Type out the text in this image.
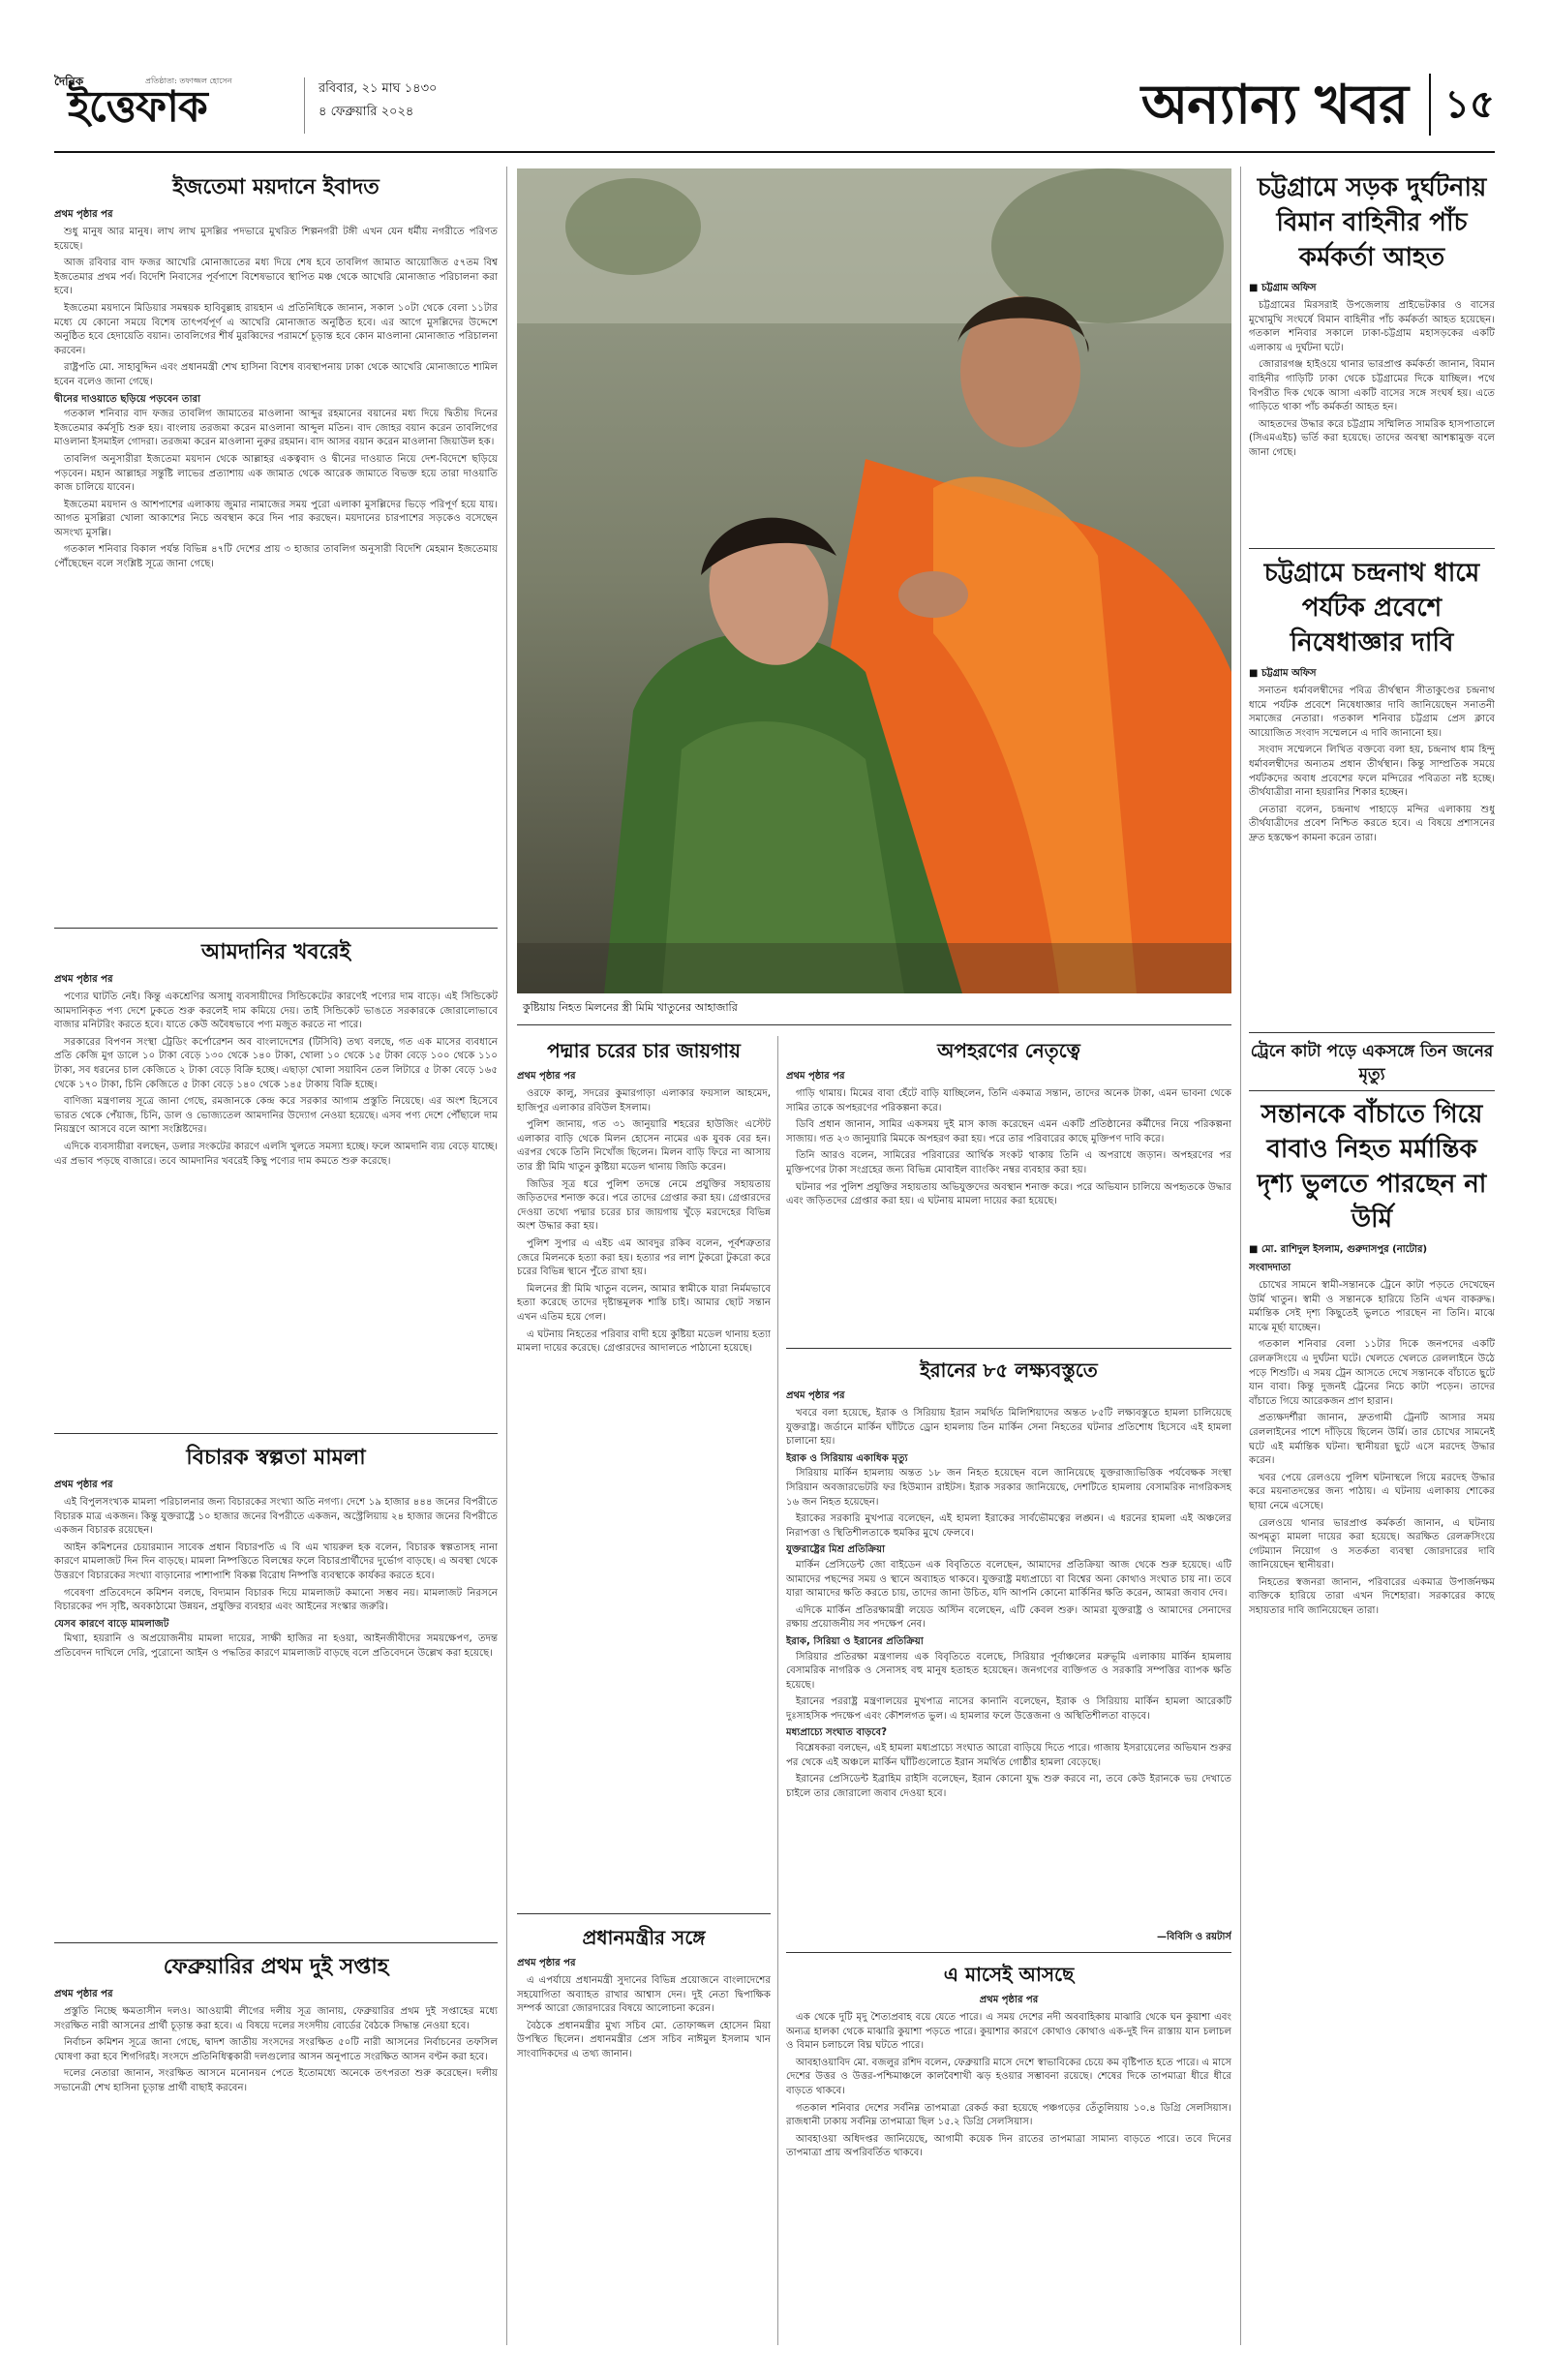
দৈনিক	প্রতিষ্ঠাতা: তফাজ্জল হোসেন
ইত্তেফাক	রবিবার, ২১ মাঘ ১৪৩০
৪ ফেব্রুয়ারি ২০২৪	অন্যান্য খবর ১৫
ইজতেমা ময়দানে ইবাদত
প্রথম পৃষ্ঠার পর

শুধু মানুষ আর মানুষ। লাখ লাখ মুসল্লির পদভারে মুখরিত শিল্পনগরী টঙ্গী এখন যেন ধর্মীয় নগরীতে পরিণত হয়েছে।

আজ রবিবার বাদ ফজর আখেরি মোনাজাতের মধ্য দিয়ে শেষ হবে তাবলিগ জামাত আয়োজিত ৫৭তম বিশ্ব ইজতেমার প্রথম পর্ব। বিদেশি নিবাসের পূর্বপাশে বিশেষভাবে স্থাপিত মঞ্চ থেকে আখেরি মোনাজাত পরিচালনা করা হবে।

ইজতেমা ময়দানে মিডিয়ার সমন্বয়ক হাবিবুল্লাহ রায়হান এ প্রতিনিধিকে জানান, সকাল ১০টা থেকে বেলা ১১টার মধ্যে যে কোনো সময়ে বিশেষ তাৎপর্যপূর্ণ এ আখেরি মোনাজাত অনুষ্ঠিত হবে। এর আগে মুসল্লিদের উদ্দেশে অনুষ্ঠিত হবে হেদায়েতি বয়ান। তাবলিগের শীর্ষ মুরব্বিদের পরামর্শে চূড়ান্ত হবে কোন মাওলানা মোনাজাত পরিচালনা করবেন।

রাষ্ট্রপতি মো. সাহাবুদ্দিন এবং প্রধানমন্ত্রী শেখ হাসিনা বিশেষ ব্যবস্থাপনায় ঢাকা থেকে আখেরি মোনাজাতে শামিল হবেন বলেও জানা গেছে।

দ্বীনের দাওয়াতে ছড়িয়ে পড়বেন তারা

গতকাল শনিবার বাদ ফজর তাবলিগ জামাতের মাওলানা আব্দুর রহমানের বয়ানের মধ্য দিয়ে দ্বিতীয় দিনের ইজতেমার কর্মসূচি শুরু হয়। বাংলায় তরজমা করেন মাওলানা আব্দুল মতিন। বাদ জোহর বয়ান করেন তাবলিগের মাওলানা ইসমাইল গোদরা। তরজমা করেন মাওলানা নুরুর রহমান। বাদ আসর বয়ান করেন মাওলানা জিয়াউল হক।

তাবলিগ অনুসারীরা ইজতেমা ময়দান থেকে আল্লাহর একত্ববাদ ও দ্বীনের দাওয়াত নিয়ে দেশ-বিদেশে ছড়িয়ে পড়বেন। মহান আল্লাহর সন্তুষ্টি লাভের প্রত্যাশায় এক জামাত থেকে আরেক জামাতে বিভক্ত হয়ে তারা দাওয়াতি কাজ চালিয়ে যাবেন।

ইজতেমা ময়দান ও আশপাশের এলাকায় জুমার নামাজের সময় পুরো এলাকা মুসল্লিদের ভিড়ে পরিপূর্ণ হয়ে যায়। আগত মুসল্লিরা খোলা আকাশের নিচে অবস্থান করে দিন পার করছেন। ময়দানের চারপাশের সড়কেও বসেছেন অসংখ্য মুসল্লি।

গতকাল শনিবার বিকাল পর্যন্ত বিভিন্ন ৪৭টি দেশের প্রায় ৩ হাজার তাবলিগ অনুসারী বিদেশি মেহমান ইজতেমায় পৌঁছেছেন বলে সংশ্লিষ্ট সূত্রে জানা গেছে।

আমদানির খবরেই
প্রথম পৃষ্ঠার পর

পণ্যের ঘাটতি নেই। কিন্তু একশ্রেণির অসাধু ব্যবসায়ীদের সিন্ডিকেটের কারণেই পণ্যের দাম বাড়ে। এই সিন্ডিকেট আমদানিকৃত পণ্য দেশে ঢুকতে শুরু করলেই দাম কমিয়ে দেয়। তাই সিন্ডিকেট ভাঙতে সরকারকে জোরালোভাবে বাজার মনিটরিং করতে হবে। যাতে কেউ অবৈধভাবে পণ্য মজুত করতে না পারে।

সরকারের বিপণন সংস্থা ট্রেডিং কর্পোরেশন অব বাংলাদেশের (টিসিবি) তথ্য বলছে, গত এক মাসের ব্যবধানে প্রতি কেজি মুগ ডালে ১০ টাকা বেড়ে ১৩০ থেকে ১৪০ টাকা, খোলা ১০ থেকে ১৫ টাকা বেড়ে ১০০ থেকে ১১০ টাকা, সব ধরনের চাল কেজিতে ২ টাকা বেড়ে বিক্রি হচ্ছে। এছাড়া খোলা সয়াবিন তেল লিটারে ৫ টাকা বেড়ে ১৬৫ থেকে ১৭০ টাকা, চিনি কেজিতে ৫ টাকা বেড়ে ১৪০ থেকে ১৪৫ টাকায় বিক্রি হচ্ছে।

বাণিজ্য মন্ত্রণালয় সূত্রে জানা গেছে, রমজানকে কেন্দ্র করে সরকার আগাম প্রস্তুতি নিয়েছে। এর অংশ হিসেবে ভারত থেকে পেঁয়াজ, চিনি, ডাল ও ভোজ্যতেল আমদানির উদ্যোগ নেওয়া হয়েছে। এসব পণ্য দেশে পৌঁছালে দাম নিয়ন্ত্রণে আসবে বলে আশা সংশ্লিষ্টদের।

এদিকে ব্যবসায়ীরা বলছেন, ডলার সংকটের কারণে এলসি খুলতে সমস্যা হচ্ছে। ফলে আমদানি ব্যয় বেড়ে যাচ্ছে। এর প্রভাব পড়ছে বাজারে। তবে আমদানির খবরেই কিছু পণ্যের দাম কমতে শুরু করেছে।

বিচারক স্বল্পতা মামলা
প্রথম পৃষ্ঠার পর

এই বিপুলসংখ্যক মামলা পরিচালনার জন্য বিচারকের সংখ্যা অতি নগণ্য। দেশে ১৯ হাজার ৪৪৪ জনের বিপরীতে বিচারক মাত্র একজন। কিন্তু যুক্তরাষ্ট্রে ১০ হাজার জনের বিপরীতে একজন, অস্ট্রেলিয়ায় ২৪ হাজার জনের বিপরীতে একজন বিচারক রয়েছেন।

আইন কমিশনের চেয়ারম্যান সাবেক প্রধান বিচারপতি এ বি এম খায়রুল হক বলেন, বিচারক স্বল্পতাসহ নানা কারণে মামলাজট দিন দিন বাড়ছে। মামলা নিষ্পত্তিতে বিলম্বের ফলে বিচারপ্রার্থীদের দুর্ভোগ বাড়ছে। এ অবস্থা থেকে উত্তরণে বিচারকের সংখ্যা বাড়ানোর পাশাপাশি বিকল্প বিরোধ নিষ্পত্তি ব্যবস্থাকে কার্যকর করতে হবে।

গবেষণা প্রতিবেদনে কমিশন বলছে, বিদ্যমান বিচারক দিয়ে মামলাজট কমানো সম্ভব নয়। মামলাজট নিরসনে বিচারকের পদ সৃষ্টি, অবকাঠামো উন্নয়ন, প্রযুক্তির ব্যবহার এবং আইনের সংস্কার জরুরি।

যেসব কারণে বাড়ে মামলাজট

মিথ্যা, হয়রানি ও অপ্রয়োজনীয় মামলা দায়ের, সাক্ষী হাজির না হওয়া, আইনজীবীদের সময়ক্ষেপণ, তদন্ত প্রতিবেদন দাখিলে দেরি, পুরোনো আইন ও পদ্ধতির কারণে মামলাজট বাড়ছে বলে প্রতিবেদনে উল্লেখ করা হয়েছে।

ফেব্রুয়ারির প্রথম দুই সপ্তাহ
প্রথম পৃষ্ঠার পর

প্রস্তুতি নিচ্ছে ক্ষমতাসীন দলও। আওয়ামী লীগের দলীয় সূত্র জানায়, ফেব্রুয়ারির প্রথম দুই সপ্তাহের মধ্যে সংরক্ষিত নারী আসনের প্রার্থী চূড়ান্ত করা হবে। এ বিষয়ে দলের সংসদীয় বোর্ডের বৈঠকে সিদ্ধান্ত নেওয়া হবে।

নির্বাচন কমিশন সূত্রে জানা গেছে, দ্বাদশ জাতীয় সংসদের সংরক্ষিত ৫০টি নারী আসনের নির্বাচনের তফসিল ঘোষণা করা হবে শিগগিরই। সংসদে প্রতিনিধিত্বকারী দলগুলোর আসন অনুপাতে সংরক্ষিত আসন বণ্টন করা হবে।

দলের নেতারা জানান, সংরক্ষিত আসনে মনোনয়ন পেতে ইতোমধ্যে অনেকে তৎপরতা শুরু করেছেন। দলীয় সভানেত্রী শেখ হাসিনা চূড়ান্ত প্রার্থী বাছাই করবেন।

কুষ্টিয়ায় নিহত মিলনের স্ত্রী মিমি খাতুনের আহাজারি
পদ্মার চরের চার জায়গায়
প্রথম পৃষ্ঠার পর

ওরফে কালু, সদরের কুমারগাড়া এলাকার ফয়সাল আহমেদ, হাজিপুর এলাকার রবিউল ইসলাম।

পুলিশ জানায়, গত ৩১ জানুয়ারি শহরের হাউজিং এস্টেট এলাকার বাড়ি থেকে মিলন হোসেন নামের এক যুবক বের হন। এরপর থেকে তিনি নিখোঁজ ছিলেন। মিলন বাড়ি ফিরে না আসায় তার স্ত্রী মিমি খাতুন কুষ্টিয়া মডেল থানায় জিডি করেন।

জিডির সূত্র ধরে পুলিশ তদন্তে নেমে প্রযুক্তির সহায়তায় জড়িতদের শনাক্ত করে। পরে তাদের গ্রেপ্তার করা হয়। গ্রেপ্তারদের দেওয়া তথ্যে পদ্মার চরের চার জায়গায় খুঁড়ে মরদেহের বিভিন্ন অংশ উদ্ধার করা হয়।

পুলিশ সুপার এ এইচ এম আবদুর রকিব বলেন, পূর্বশত্রুতার জেরে মিলনকে হত্যা করা হয়। হত্যার পর লাশ টুকরো টুকরো করে চরের বিভিন্ন স্থানে পুঁতে রাখা হয়।

মিলনের স্ত্রী মিমি খাতুন বলেন, আমার স্বামীকে যারা নির্মমভাবে হত্যা করেছে তাদের দৃষ্টান্তমূলক শাস্তি চাই। আমার ছোট সন্তান এখন এতিম হয়ে গেল।

এ ঘটনায় নিহতের পরিবার বাদী হয়ে কুষ্টিয়া মডেল থানায় হত্যা মামলা দায়ের করেছে। গ্রেপ্তারদের আদালতে পাঠানো হয়েছে।

প্রধানমন্ত্রীর সঙ্গে
প্রথম পৃষ্ঠার পর

এ এপর্যায়ে প্রধানমন্ত্রী সুদানের বিভিন্ন প্রয়োজনে বাংলাদেশের সহযোগিতা অব্যাহত রাখার আশ্বাস দেন। দুই নেতা দ্বিপাক্ষিক সম্পর্ক আরো জোরদারের বিষয়ে আলোচনা করেন।

বৈঠকে প্রধানমন্ত্রীর মুখ্য সচিব মো. তোফাজ্জল হোসেন মিয়া উপস্থিত ছিলেন। প্রধানমন্ত্রীর প্রেস সচিব নাঈমুল ইসলাম খান সাংবাদিকদের এ তথ্য জানান।

অপহরণের নেতৃত্বে
প্রথম পৃষ্ঠার পর

গাড়ি থামায়। মিমের বাবা হেঁটে বাড়ি যাচ্ছিলেন, তিনি একমাত্র সন্তান, তাদের অনেক টাকা, এমন ভাবনা থেকে সামির তাকে অপহরণের পরিকল্পনা করে।

ডিবি প্রধান জানান, সামির একসময় দুই মাস কাজ করেছেন এমন একটি প্রতিষ্ঠানের কর্মীদের নিয়ে পরিকল্পনা সাজায়। গত ২৩ জানুয়ারি মিমকে অপহরণ করা হয়। পরে তার পরিবারের কাছে মুক্তিপণ দাবি করে।

তিনি আরও বলেন, সামিরের পরিবারের আর্থিক সংকট থাকায় তিনি এ অপরাধে জড়ান। অপহরণের পর মুক্তিপণের টাকা সংগ্রহের জন্য বিভিন্ন মোবাইল ব্যাংকিং নম্বর ব্যবহার করা হয়।

ঘটনার পর পুলিশ প্রযুক্তির সহায়তায় অভিযুক্তদের অবস্থান শনাক্ত করে। পরে অভিযান চালিয়ে অপহৃতকে উদ্ধার এবং জড়িতদের গ্রেপ্তার করা হয়। এ ঘটনায় মামলা দায়ের করা হয়েছে।

ইরানের ৮৫ লক্ষ্যবস্তুতে
প্রথম পৃষ্ঠার পর

খবরে বলা হয়েছে, ইরাক ও সিরিয়ায় ইরান সমর্থিত মিলিশিয়াদের অন্তত ৮৫টি লক্ষ্যবস্তুতে হামলা চালিয়েছে যুক্তরাষ্ট্র। জর্ডানে মার্কিন ঘাঁটিতে ড্রোন হামলায় তিন মার্কিন সেনা নিহতের ঘটনার প্রতিশোধ হিসেবে এই হামলা চালানো হয়।

ইরাক ও সিরিয়ায় একাধিক মৃত্যু

সিরিয়ায় মার্কিন হামলায় অন্তত ১৮ জন নিহত হয়েছেন বলে জানিয়েছে যুক্তরাজ্যভিত্তিক পর্যবেক্ষক সংস্থা সিরিয়ান অবজারভেটরি ফর হিউম্যান রাইটস। ইরাক সরকার জানিয়েছে, দেশটিতে হামলায় বেসামরিক নাগরিকসহ ১৬ জন নিহত হয়েছেন।

ইরাকের সরকারি মুখপাত্র বলেছেন, এই হামলা ইরাকের সার্বভৌমত্বের লঙ্ঘন। এ ধরনের হামলা এই অঞ্চলের নিরাপত্তা ও স্থিতিশীলতাকে হুমকির মুখে ফেলবে।

যুক্তরাষ্ট্রের মিশ্র প্রতিক্রিয়া

মার্কিন প্রেসিডেন্ট জো বাইডেন এক বিবৃতিতে বলেছেন, আমাদের প্রতিক্রিয়া আজ থেকে শুরু হয়েছে। এটি আমাদের পছন্দের সময় ও স্থানে অব্যাহত থাকবে। যুক্তরাষ্ট্র মধ্যপ্রাচ্যে বা বিশ্বের অন্য কোথাও সংঘাত চায় না। তবে যারা আমাদের ক্ষতি করতে চায়, তাদের জানা উচিত, যদি আপনি কোনো মার্কিনির ক্ষতি করেন, আমরা জবাব দেব।

এদিকে মার্কিন প্রতিরক্ষামন্ত্রী লয়েড অস্টিন বলেছেন, এটি কেবল শুরু। আমরা যুক্তরাষ্ট্র ও আমাদের সেনাদের রক্ষায় প্রয়োজনীয় সব পদক্ষেপ নেব।

ইরাক, সিরিয়া ও ইরানের প্রতিক্রিয়া

সিরিয়ার প্রতিরক্ষা মন্ত্রণালয় এক বিবৃতিতে বলেছে, সিরিয়ার পূর্বাঞ্চলের মরুভূমি এলাকায় মার্কিন হামলায় বেসামরিক নাগরিক ও সেনাসহ বহু মানুষ হতাহত হয়েছেন। জনগণের ব্যক্তিগত ও সরকারি সম্পত্তির ব্যাপক ক্ষতি হয়েছে।

ইরানের পররাষ্ট্র মন্ত্রণালয়ের মুখপাত্র নাসের কানানি বলেছেন, ইরাক ও সিরিয়ায় মার্কিন হামলা আরেকটি দুঃসাহসিক পদক্ষেপ এবং কৌশলগত ভুল। এ হামলার ফলে উত্তেজনা ও অস্থিতিশীলতা বাড়বে।

মধ্যপ্রাচ্যে সংঘাত বাড়বে?

বিশ্লেষকরা বলছেন, এই হামলা মধ্যপ্রাচ্যে সংঘাত আরো বাড়িয়ে দিতে পারে। গাজায় ইসরায়েলের অভিযান শুরুর পর থেকে এই অঞ্চলে মার্কিন ঘাঁটিগুলোতে ইরান সমর্থিত গোষ্ঠীর হামলা বেড়েছে।

ইরানের প্রেসিডেন্ট ইব্রাহিম রাইসি বলেছেন, ইরান কোনো যুদ্ধ শুরু করবে না, তবে কেউ ইরানকে ভয় দেখাতে চাইলে তার জোরালো জবাব দেওয়া হবে।

—বিবিসি ও রয়টার্স
এ মাসেই আসছে
প্রথম পৃষ্ঠার পর

এক থেকে দুটি মৃদু শৈত্যপ্রবাহ বয়ে যেতে পারে। এ সময় দেশের নদী অববাহিকায় মাঝারি থেকে ঘন কুয়াশা এবং অন্যত্র হালকা থেকে মাঝারি কুয়াশা পড়তে পারে। কুয়াশার কারণে কোথাও কোথাও এক-দুই দিন রাস্তায় যান চলাচল ও বিমান চলাচলে বিঘ্ন ঘটতে পারে।

আবহাওয়াবিদ মো. বজলুর রশিদ বলেন, ফেব্রুয়ারি মাসে দেশে স্বাভাবিকের চেয়ে কম বৃষ্টিপাত হতে পারে। এ মাসে দেশের উত্তর ও উত্তর-পশ্চিমাঞ্চলে কালবৈশাখী ঝড় হওয়ার সম্ভাবনা রয়েছে। শেষের দিকে তাপমাত্রা ধীরে ধীরে বাড়তে থাকবে।

গতকাল শনিবার দেশের সর্বনিম্ন তাপমাত্রা রেকর্ড করা হয়েছে পঞ্চগড়ের তেঁতুলিয়ায় ১০.৪ ডিগ্রি সেলসিয়াস। রাজধানী ঢাকায় সর্বনিম্ন তাপমাত্রা ছিল ১৫.২ ডিগ্রি সেলসিয়াস।

আবহাওয়া অধিদপ্তর জানিয়েছে, আগামী কয়েক দিন রাতের তাপমাত্রা সামান্য বাড়তে পারে। তবে দিনের তাপমাত্রা প্রায় অপরিবর্তিত থাকবে।

চট্টগ্রামে সড়ক দুর্ঘটনায় বিমান বাহিনীর পাঁচ কর্মকর্তা আহত
■ চট্টগ্রাম অফিস

চট্টগ্রামের মিরসরাই উপজেলায় প্রাইভেটকার ও বাসের মুখোমুখি সংঘর্ষে বিমান বাহিনীর পাঁচ কর্মকর্তা আহত হয়েছেন। গতকাল শনিবার সকালে ঢাকা-চট্টগ্রাম মহাসড়কের একটি এলাকায় এ দুর্ঘটনা ঘটে।

জোরারগঞ্জ হাইওয়ে থানার ভারপ্রাপ্ত কর্মকর্তা জানান, বিমান বাহিনীর গাড়িটি ঢাকা থেকে চট্টগ্রামের দিকে যাচ্ছিল। পথে বিপরীত দিক থেকে আসা একটি বাসের সঙ্গে সংঘর্ষ হয়। এতে গাড়িতে থাকা পাঁচ কর্মকর্তা আহত হন।

আহতদের উদ্ধার করে চট্টগ্রাম সম্মিলিত সামরিক হাসপাতালে (সিএমএইচ) ভর্তি করা হয়েছে। তাদের অবস্থা আশঙ্কামুক্ত বলে জানা গেছে।

চট্টগ্রামে চন্দ্রনাথ ধামে পর্যটক প্রবেশে নিষেধাজ্ঞার দাবি
■ চট্টগ্রাম অফিস

সনাতন ধর্মাবলম্বীদের পবিত্র তীর্থস্থান সীতাকুণ্ডের চন্দ্রনাথ ধামে পর্যটক প্রবেশে নিষেধাজ্ঞার দাবি জানিয়েছেন সনাতনী সমাজের নেতারা। গতকাল শনিবার চট্টগ্রাম প্রেস ক্লাবে আয়োজিত সংবাদ সম্মেলনে এ দাবি জানানো হয়।

সংবাদ সম্মেলনে লিখিত বক্তব্যে বলা হয়, চন্দ্রনাথ ধাম হিন্দু ধর্মাবলম্বীদের অন্যতম প্রধান তীর্থস্থান। কিন্তু সাম্প্রতিক সময়ে পর্যটকদের অবাধ প্রবেশের ফলে মন্দিরের পবিত্রতা নষ্ট হচ্ছে। তীর্থযাত্রীরা নানা হয়রানির শিকার হচ্ছেন।

নেতারা বলেন, চন্দ্রনাথ পাহাড়ে মন্দির এলাকায় শুধু তীর্থযাত্রীদের প্রবেশ নিশ্চিত করতে হবে। এ বিষয়ে প্রশাসনের দ্রুত হস্তক্ষেপ কামনা করেন তারা।

ট্রেনে কাটা পড়ে একসঙ্গে তিন জনের মৃত্যু
সন্তানকে বাঁচাতে গিয়ে বাবাও নিহত মর্মান্তিক দৃশ্য ভুলতে পারছেন না উর্মি
■ মো. রাশিদুল ইসলাম, গুরুদাসপুর (নাটোর)
সংবাদদাতা

চোখের সামনে স্বামী-সন্তানকে ট্রেনে কাটা পড়তে দেখেছেন উর্মি খাতুন। স্বামী ও সন্তানকে হারিয়ে তিনি এখন বাকরুদ্ধ। মর্মান্তিক সেই দৃশ্য কিছুতেই ভুলতে পারছেন না তিনি। মাঝে মাঝে মূর্ছা যাচ্ছেন।

গতকাল শনিবার বেলা ১১টার দিকে জনপদের একটি রেলক্রসিংয়ে এ দুর্ঘটনা ঘটে। খেলতে খেলতে রেললাইনে উঠে পড়ে শিশুটি। এ সময় ট্রেন আসতে দেখে সন্তানকে বাঁচাতে ছুটে যান বাবা। কিন্তু দুজনই ট্রেনের নিচে কাটা পড়েন। তাদের বাঁচাতে গিয়ে আরেকজন প্রাণ হারান।

প্রত্যক্ষদর্শীরা জানান, দ্রুতগামী ট্রেনটি আসার সময় রেললাইনের পাশে দাঁড়িয়ে ছিলেন উর্মি। তার চোখের সামনেই ঘটে এই মর্মান্তিক ঘটনা। স্থানীয়রা ছুটে এসে মরদেহ উদ্ধার করেন।

খবর পেয়ে রেলওয়ে পুলিশ ঘটনাস্থলে গিয়ে মরদেহ উদ্ধার করে ময়নাতদন্তের জন্য পাঠায়। এ ঘটনায় এলাকায় শোকের ছায়া নেমে এসেছে।

রেলওয়ে থানার ভারপ্রাপ্ত কর্মকর্তা জানান, এ ঘটনায় অপমৃত্যু মামলা দায়ের করা হয়েছে। অরক্ষিত রেলক্রসিংয়ে গেটম্যান নিয়োগ ও সতর্কতা ব্যবস্থা জোরদারের দাবি জানিয়েছেন স্থানীয়রা।

নিহতের স্বজনরা জানান, পরিবারের একমাত্র উপার্জনক্ষম ব্যক্তিকে হারিয়ে তারা এখন দিশেহারা। সরকারের কাছে সহায়তার দাবি জানিয়েছেন তারা।
